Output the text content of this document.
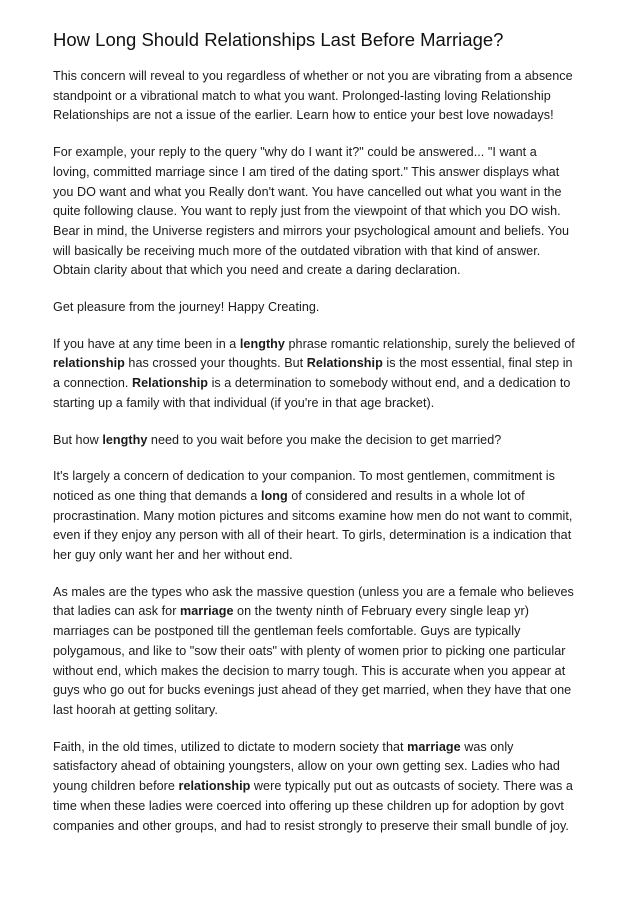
How Long Should Relationships Last Before Marriage?
This concern will reveal to you regardless of whether or not you are vibrating from a absence
standpoint or a vibrational match to what you want. Prolonged-lasting loving Relationship
Relationships are not a issue of the earlier. Learn how to entice your best love nowadays!
For example, your reply to the query "why do I want it?" could be answered... "I want a
loving, committed marriage since I am tired of the dating sport." This answer displays what
you DO want and what you Really don't want. You have cancelled out what you want in the
quite following clause. You want to reply just from the viewpoint of that which you DO wish.
Bear in mind, the Universe registers and mirrors your psychological amount and beliefs. You
will basically be receiving much more of the outdated vibration with that kind of answer.
Obtain clarity about that which you need and create a daring declaration.
Get pleasure from the journey! Happy Creating.
If you have at any time been in a lengthy phrase romantic relationship, surely the believed of
relationship has crossed your thoughts. But Relationship is the most essential, final step in
a connection. Relationship is a determination to somebody without end, and a dedication to
starting up a family with that individual (if you're in that age bracket).
But how lengthy need to you wait before you make the decision to get married?
It's largely a concern of dedication to your companion. To most gentlemen, commitment is
noticed as one thing that demands a long of considered and results in a whole lot of
procrastination. Many motion pictures and sitcoms examine how men do not want to commit,
even if they enjoy any person with all of their heart. To girls, determination is a indication that
her guy only want her and her without end.
As males are the types who ask the massive question (unless you are a female who believes
that ladies can ask for marriage on the twenty ninth of February every single leap yr)
marriages can be postponed till the gentleman feels comfortable. Guys are typically
polygamous, and like to "sow their oats" with plenty of women prior to picking one particular
without end, which makes the decision to marry tough. This is accurate when you appear at
guys who go out for bucks evenings just ahead of they get married, when they have that one
last hoorah at getting solitary.
Faith, in the old times, utilized to dictate to modern society that marriage was only
satisfactory ahead of obtaining youngsters, allow on your own getting sex. Ladies who had
young children before relationship were typically put out as outcasts of society. There was a
time when these ladies were coerced into offering up these children up for adoption by govt
companies and other groups, and had to resist strongly to preserve their small bundle of joy.
